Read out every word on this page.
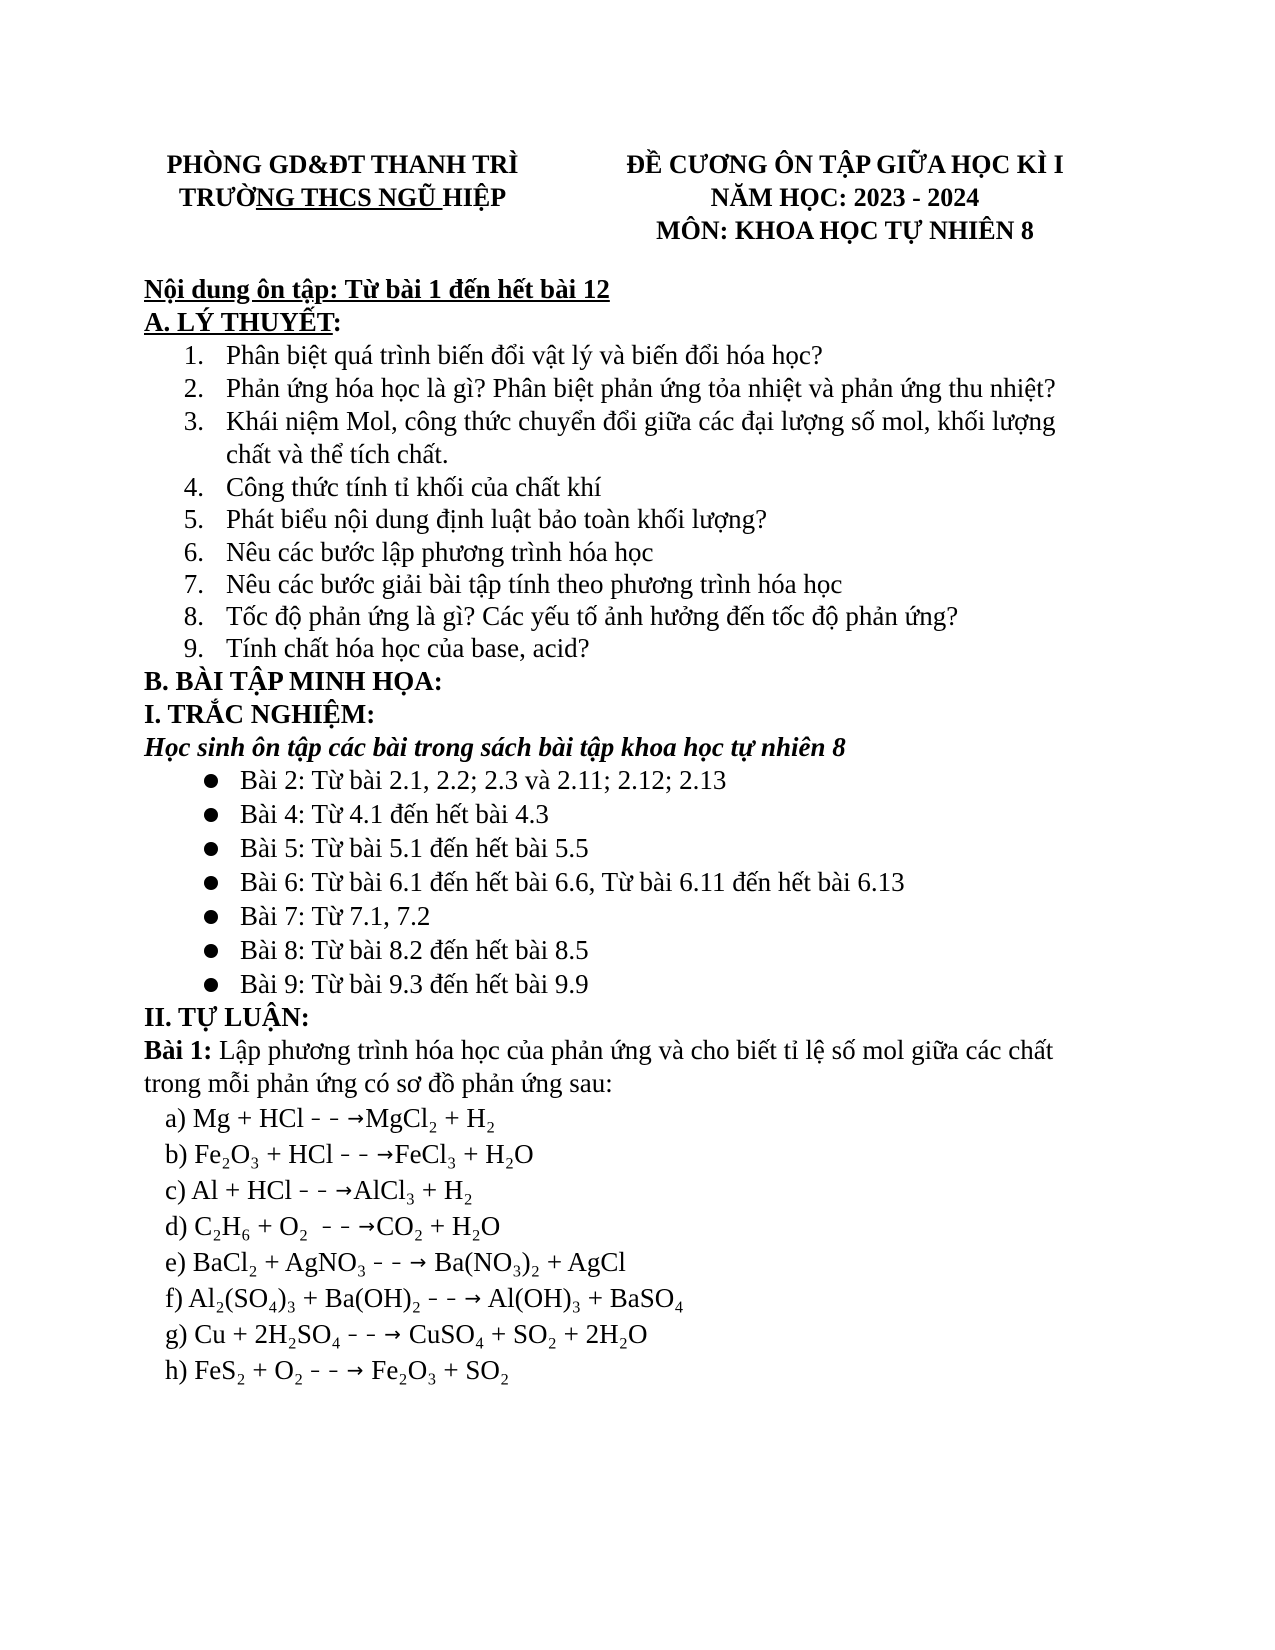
PHÒNG GD&ĐT THANH TRÌ
TRƯỜNG THCS NGŨ HIỆP
ĐỀ CƯƠNG ÔN TẬP GIỮA HỌC KÌ I
NĂM HỌC: 2023 - 2024
MÔN: KHOA HỌC TỰ NHIÊN 8
Nội dung ôn tập: Từ bài 1 đến hết bài 12
A. LÝ THUYẾT:
1. Phân biệt quá trình biến đổi vật lý và biến đổi hóa học?
2. Phản ứng hóa học là gì? Phân biệt phản ứng tỏa nhiệt và phản ứng thu nhiệt?
3. Khái niệm Mol, công thức chuyển đổi giữa các đại lượng số mol, khối lượng chất và thể tích chất.
4. Công thức tính tỉ khối của chất khí
5. Phát biểu nội dung định luật bảo toàn khối lượng?
6. Nêu các bước lập phương trình hóa học
7. Nêu các bước giải bài tập tính theo phương trình hóa học
8. Tốc độ phản ứng là gì? Các yếu tố ảnh hưởng đến tốc độ phản ứng?
9. Tính chất hóa học của base, acid?
B. BÀI TẬP MINH HỌA:
I. TRẮC NGHIỆM:
Học sinh ôn tập các bài trong sách bài tập khoa học tự nhiên 8
Bài 2: Từ bài 2.1, 2.2; 2.3 và 2.11; 2.12; 2.13
Bài 4: Từ 4.1 đến hết bài 4.3
Bài 5: Từ bài 5.1 đến hết bài 5.5
Bài 6: Từ bài 6.1 đến hết bài 6.6, Từ bài 6.11 đến hết bài 6.13
Bài 7: Từ 7.1, 7.2
Bài 8: Từ bài 8.2 đến hết bài 8.5
Bài 9: Từ bài 9.3 đến hết bài 9.9
II. TỰ LUẬN:
Bài 1: Lập phương trình hóa học của phản ứng và cho biết tỉ lệ số mol giữa các chất
trong mỗi phản ứng có sơ đồ phản ứng sau:
a) Mg + HCl – – →MgCl₂ + H₂
b) Fe₂O₃ + HCl – – →FeCl₃ + H₂O
c) Al + HCl – – →AlCl₃ + H₂
d) C₂H₆ + O₂ – – →CO₂ + H₂O
e) BaCl₂ + AgNO₃ – – → Ba(NO₃)₂ + AgCl
f) Al₂(SO₄)₃ + Ba(OH)₂ – – → Al(OH)₃ + BaSO₄
g) Cu + 2H₂SO₄ – – → CuSO₄ + SO₂ + 2H₂O
h) FeS₂ + O₂ – – → Fe₂O₃ + SO₂
